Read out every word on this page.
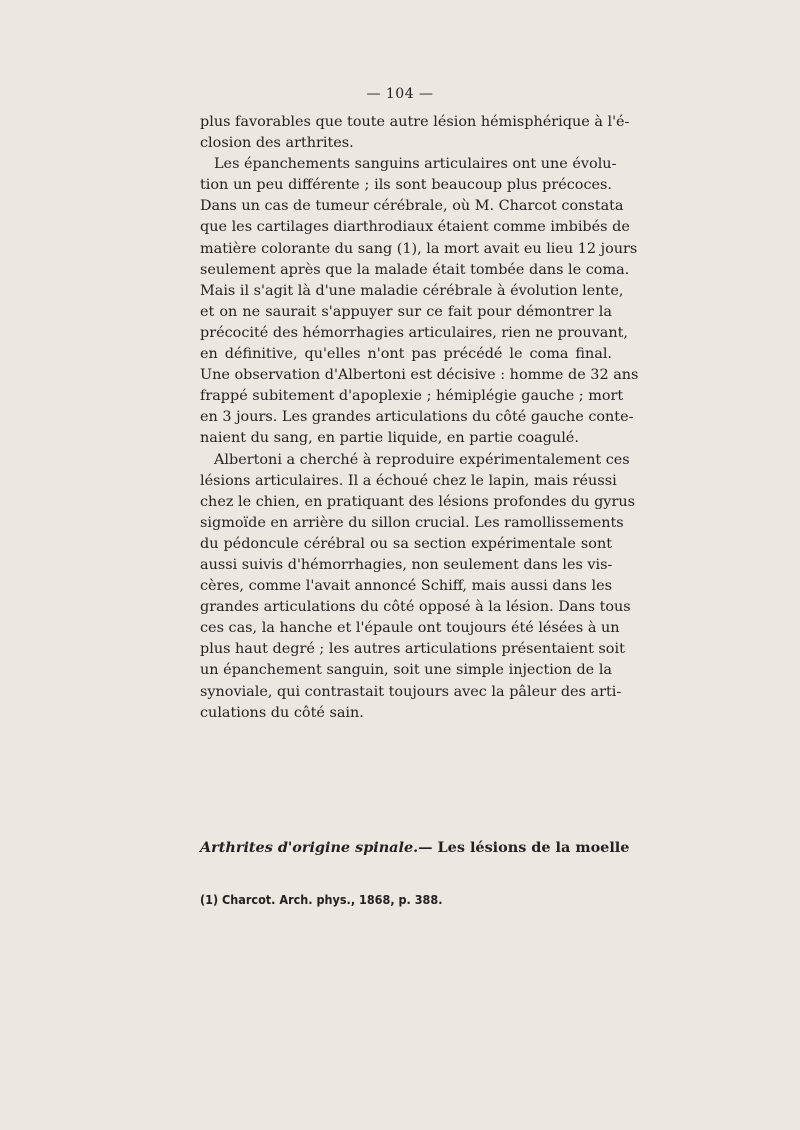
— 104 —
plus favorables que toute autre lésion hémisphérique à l'é-
closion des arthrites.
Les épanchements sanguins articulaires ont une évolu-
tion un peu différente ; ils sont beaucoup plus précoces.
Dans un cas de tumeur cérébrale, où M. Charcot constata
que les cartilages diarthrodiaux étaient comme imbibés de
matière colorante du sang (1), la mort avait eu lieu 12 jours
seulement après que la malade était tombée dans le coma.
Mais il s'agit là d'une maladie cérébrale à évolution lente,
et on ne saurait s'appuyer sur ce fait pour démontrer la
précocité des hémorrhagies articulaires, rien ne prouvant,
en définitive, qu'elles n'ont pas précédé le coma final.
Une observation d'Albertoni est décisive : homme de 32 ans
frappé subitement d'apoplexie ; hémiplégie gauche ; mort
en 3 jours. Les grandes articulations du côté gauche conte-
naient du sang, en partie liquide, en partie coagulé.
Albertoni a cherché à reproduire expérimentalement ces
lésions articulaires. Il a échoué chez le lapin, mais réussi
chez le chien, en pratiquant des lésions profondes du gyrus
sigmoïde en arrière du sillon crucial. Les ramollissements
du pédoncule cérébral ou sa section expérimentale sont
aussi suivis d'hémorrhagies, non seulement dans les vis-
cères, comme l'avait annoncé Schiff, mais aussi dans les
grandes articulations du côté opposé à la lésion. Dans tous
ces cas, la hanche et l'épaule ont toujours été lésées à un
plus haut degré ; les autres articulations présentaient soit
un épanchement sanguin, soit une simple injection de la
synoviale, qui contrastait toujours avec la pâleur des arti-
culations du côté sain.
Arthrites d'origine spinale. — Les lésions de la moelle
(1) Charcot. Arch. phys., 1868, p. 388.
